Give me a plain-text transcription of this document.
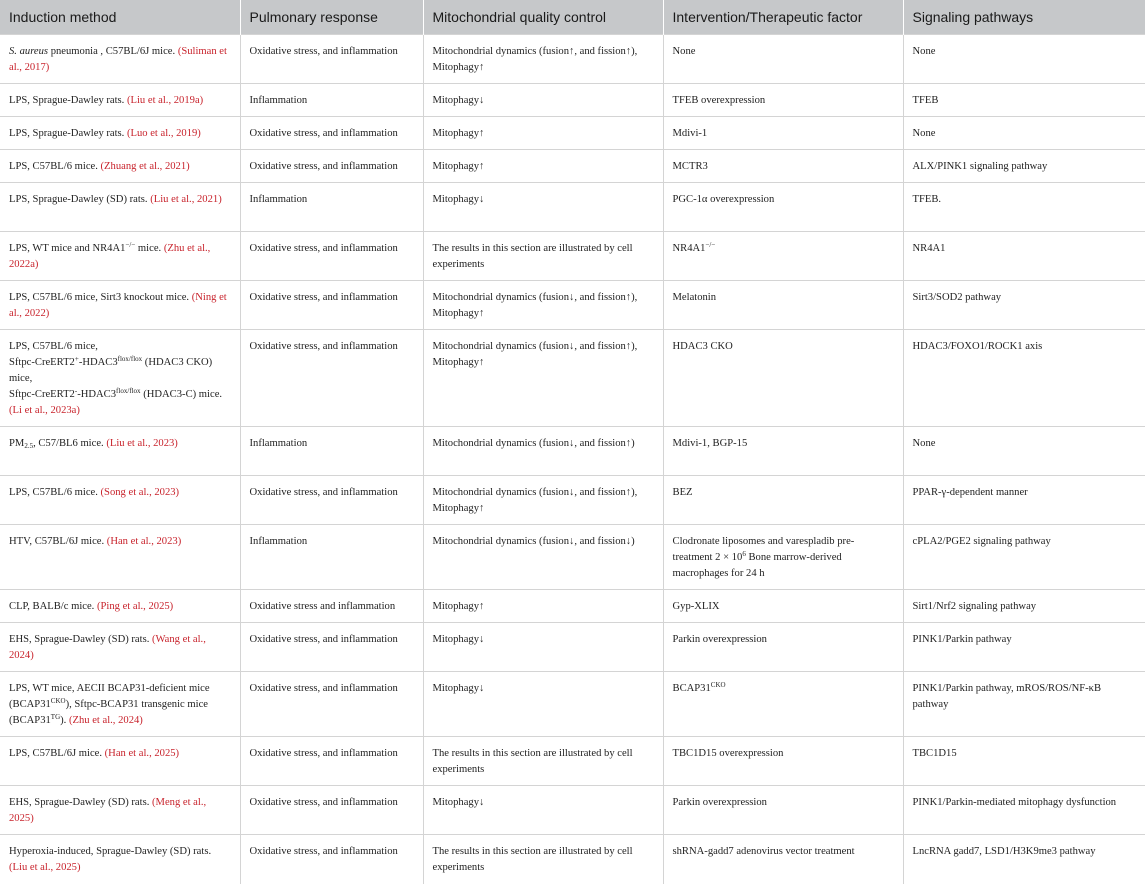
Induction method	Pulmonary response	Mitochondrial quality control	Intervention/Therapeutic factor	Signaling pathways
S. aureus pneumonia , C57BL/6J mice. (Suliman et al., 2017)	Oxidative stress, and inflammation	Mitochondrial dynamics (fusion↑, and fission↑), Mitophagy↑	None	None
LPS, Sprague-Dawley rats. (Liu et al., 2019a)	Inflammation	Mitophagy↓	TFEB overexpression	TFEB
LPS, Sprague-Dawley rats. (Luo et al., 2019)	Oxidative stress, and inflammation	Mitophagy↑	Mdivi-1	None
LPS, C57BL/6 mice. (Zhuang et al., 2021)	Oxidative stress, and inflammation	Mitophagy↑	MCTR3	ALX/PINK1 signaling pathway
LPS, Sprague-Dawley (SD) rats. (Liu et al., 2021)	Inflammation	Mitophagy↓	PGC-1α overexpression	TFEB.
LPS, WT mice and NR4A1−/− mice. (Zhu et al., 2022a)	Oxidative stress, and inflammation	The results in this section are illustrated by cell experiments	NR4A1−/−	NR4A1
LPS, C57BL/6 mice, Sirt3 knockout mice. (Ning et al., 2022)	Oxidative stress, and inflammation	Mitochondrial dynamics (fusion↓, and fission↑), Mitophagy↑	Melatonin	Sirt3/SOD2 pathway
LPS, C57BL/6 mice,
Sftpc-$CreERT2^+-HDAC3^{flox/flox}$ (HDAC3 CKO) mice,
Sftpc-$CreERT2^--HDAC3^{flox/flox}$ (HDAC3-C) mice. (Li et al., 2023a)	Oxidative stress, and inflammation	Mitochondrial dynamics (fusion↓, and fission↑), Mitophagy↑	HDAC3 CKO	HDAC3/FOXO1/ROCK1 axis
$PM_{2.5}$, C57/BL6 mice. (Liu et al., 2023)	Inflammation	Mitochondrial dynamics (fusion↓, and fission↑)	Mdivi-1, BGP-15	None
LPS, C57BL/6 mice. (Song et al., 2023)	Oxidative stress, and inflammation	Mitochondrial dynamics (fusion↓, and fission↑), Mitophagy↑	BEZ	PPAR-γ-dependent manner
HTV, C57BL/6J mice. (Han et al., 2023)	Inflammation	Mitochondrial dynamics (fusion↓, and fission↓)	Clodronate liposomes and varespladib pre-treatment $2 \times 10^6$ Bone marrow-derived macrophages for 24 h	cPLA2/PGE2 signaling pathway
CLP, BALB/c mice. (Ping et al., 2025)	Oxidative stress and inflammation	Mitophagy↑	Gyp-XLIX	Sirt1/Nrf2 signaling pathway
EHS, Sprague-Dawley (SD) rats. (Wang et al., 2024)	Oxidative stress, and inflammation	Mitophagy↓	Parkin overexpression	PINK1/Parkin pathway
LPS, WT mice, AECII BCAP31-deficient mice $(BCAP31^{CKO})$, Sftpc-BCAP31 transgenic mice $(BCAP31^{TG})$. (Zhu et al., 2024)	Oxidative stress, and inflammation	Mitophagy↓	$BCAP31^{CKO}$	PINK1/Parkin pathway, mROS/ROS/NF-κB pathway
LPS, C57BL/6J mice. (Han et al., 2025)	Oxidative stress, and inflammation	The results in this section are illustrated by cell experiments	TBC1D15 overexpression	TBC1D15
EHS, Sprague-Dawley (SD) rats. (Meng et al., 2025)	Oxidative stress, and inflammation	Mitophagy↓	Parkin overexpression	PINK1/Parkin-mediated mitophagy dysfunction
Hyperoxia-induced, Sprague-Dawley (SD) rats. (Liu et al., 2025)	Oxidative stress, and inflammation	The results in this section are illustrated by cell experiments	shRNA-gadd7 adenovirus vector treatment	LncRNA gadd7, LSD1/H3K9me3 pathway
